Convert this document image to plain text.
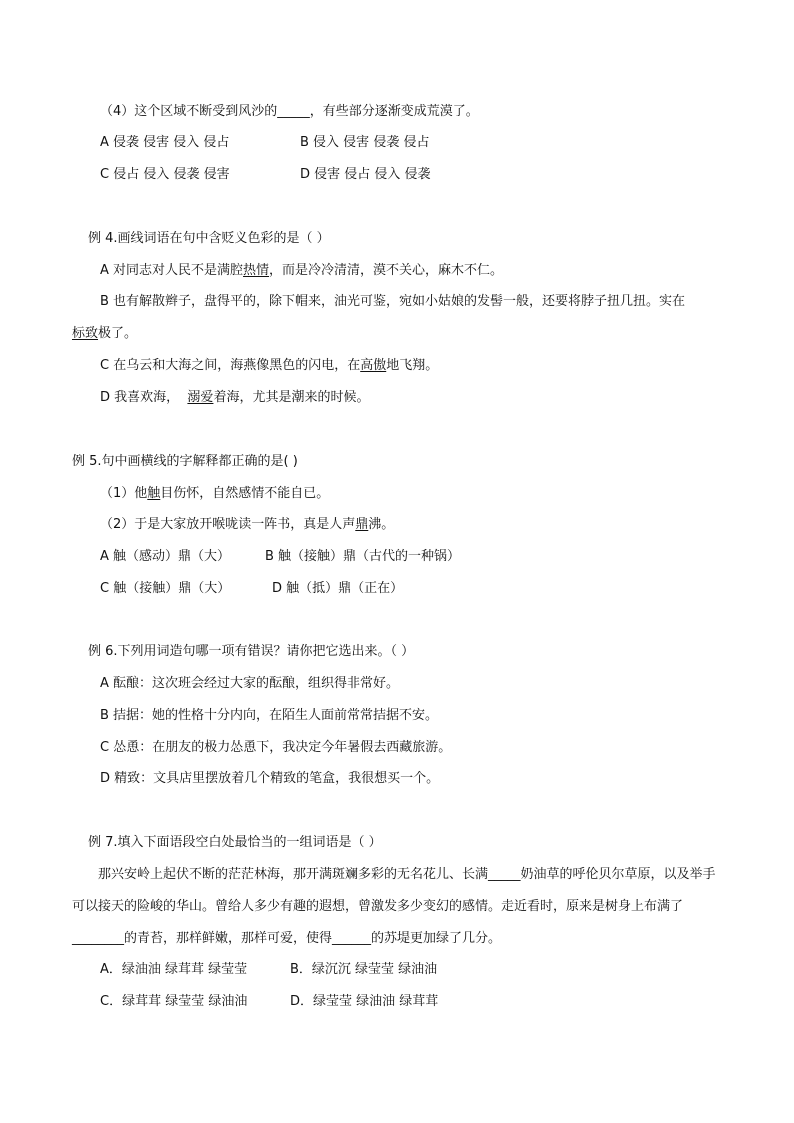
（4）这个区域不断受到风沙的_____，有些部分逐渐变成荒漠了。
A 侵袭 侵害 侵入 侵占	B 侵入 侵害 侵袭 侵占
C 侵占 侵入 侵袭 侵害	D 侵害 侵占 侵入 侵袭
例 4.画线词语在句中含贬义色彩的是（ ）
A 对同志对人民不是满腔热情，而是冷冷清清，漠不关心，麻木不仁。
B 也有解散辫子，盘得平的，除下帽来，油光可鉴，宛如小姑娘的发髻一般，还要将脖子扭几扭。实在
标致极了。
C 在乌云和大海之间，海燕像黑色的闪电，在高傲地飞翔。
D 我喜欢海，  溺爱着海，尤其是潮来的时候。
例 5.句中画横线的字解释都正确的是( )
（1）他触目伤怀，自然感情不能自已。
（2）于是大家放开喉咙读一阵书，真是人声鼎沸。
A 触（感动）鼎（大）	B 触（接触）鼎（古代的一种锅）
C 触（接触）鼎（大）	D 触（抵）鼎（正在）
例 6.下列用词造句哪一项有错误？请你把它选出来。（ ）
A 酝酿：这次班会经过大家的酝酿，组织得非常好。
B 拮据：她的性格十分内向，在陌生人面前常常拮据不安。
C 怂恿：在朋友的极力怂恿下，我决定今年暑假去西藏旅游。
D 精致：文具店里摆放着几个精致的笔盒，我很想买一个。
例 7.填入下面语段空白处最恰当的一组词语是（ ）
那兴安岭上起伏不断的茫茫林海，那开满斑斓多彩的无名花儿、长满_____奶油草的呼伦贝尔草原，以及举手可以接天的险峻的华山。曾给人多少有趣的遐想，曾激发多少变幻的感情。走近看时，原来是树身上布满了________的青苔，那样鲜嫩，那样可爱，使得______的苏堤更加绿了几分。
A．绿油油 绿茸茸 绿莹莹	B．绿沉沉 绿莹莹 绿油油
C．绿茸茸 绿莹莹 绿油油	D．绿莹莹 绿油油 绿茸茸
